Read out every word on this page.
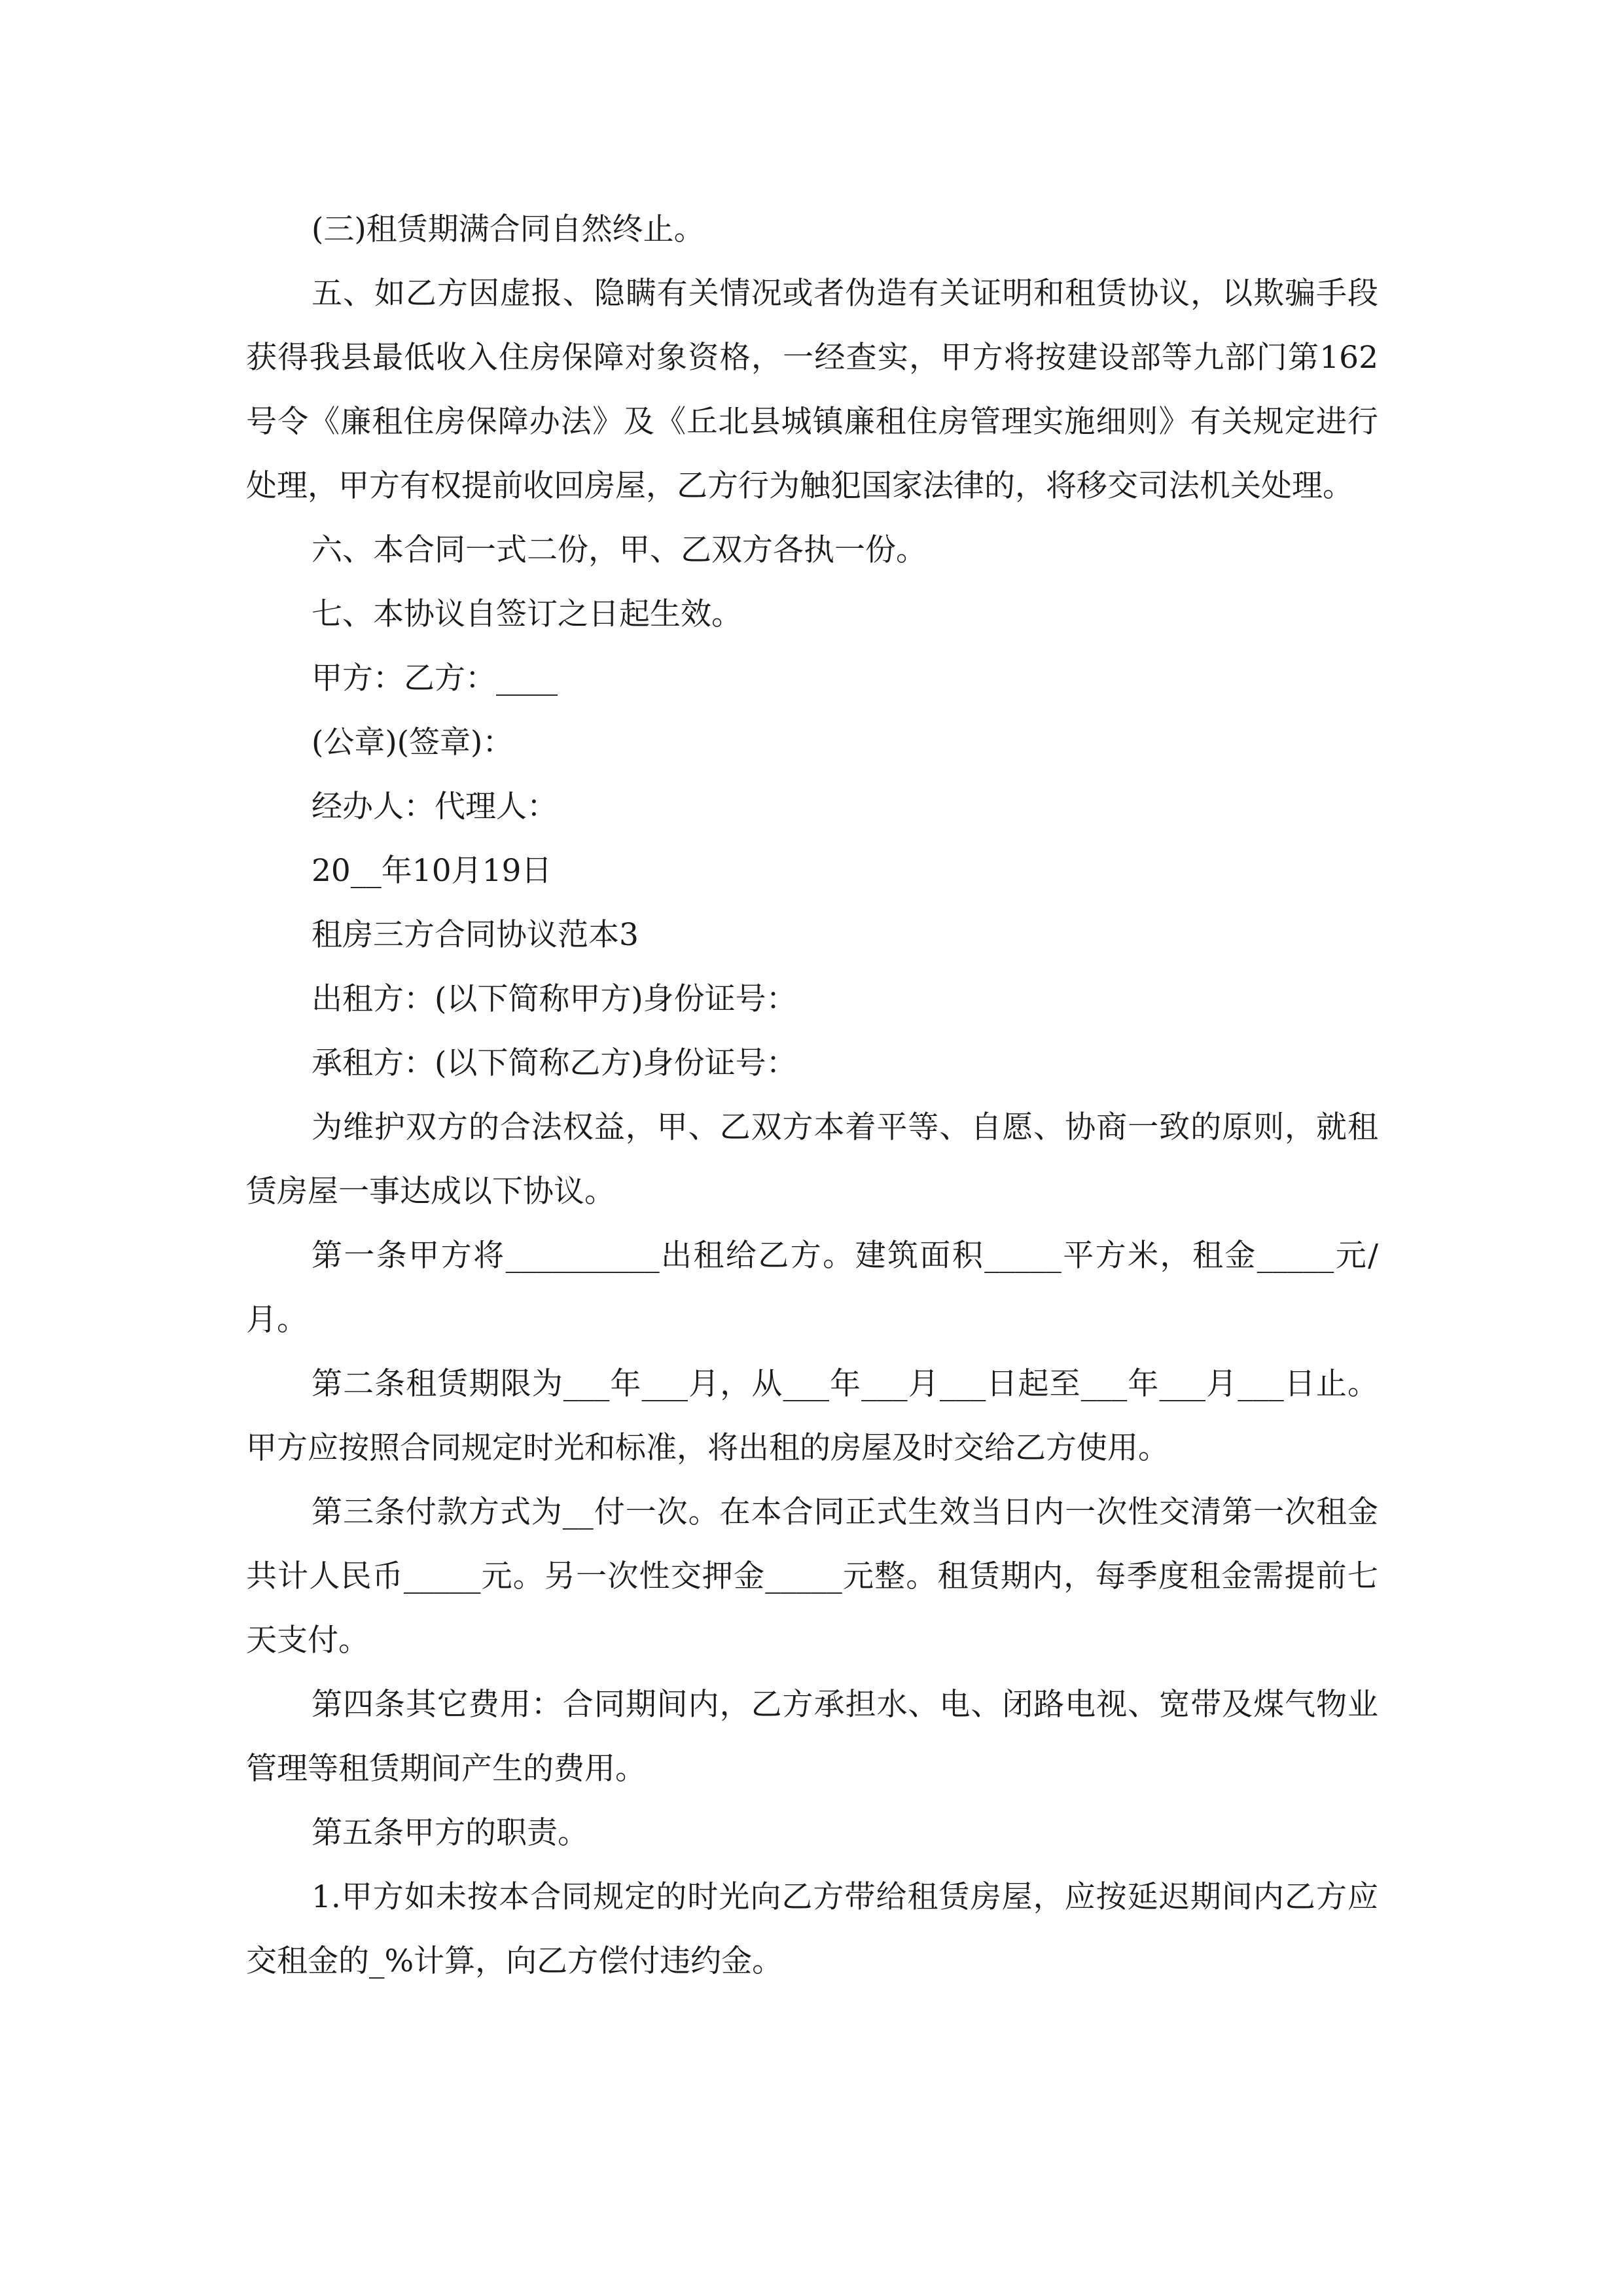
(三)租赁期满合同自然终止。

五、如乙方因虚报、隐瞒有关情况或者伪造有关证明和租赁协议，以欺骗手段获得我县最低收入住房保障对象资格，一经查实，甲方将按建设部等九部门第162号令《廉租住房保障办法》及《丘北县城镇廉租住房管理实施细则》有关规定进行处理，甲方有权提前收回房屋，乙方行为触犯国家法律的，将移交司法机关处理。

六、本合同一式二份，甲、乙双方各执一份。

七、本协议自签订之日起生效。

甲方：乙方：____

(公章)(签章)：

经办人：代理人：

20__年10月19日

租房三方合同协议范本3

出租方：(以下简称甲方)身份证号：

承租方：(以下简称乙方)身份证号：

为维护双方的合法权益，甲、乙双方本着平等、自愿、协商一致的原则，就租赁房屋一事达成以下协议。

第一条甲方将__________出租给乙方。建筑面积_____平方米，租金_____元/月。

第二条租赁期限为___年___月，从___年___月___日起至___年___月___日止。甲方应按照合同规定时光和标准，将出租的房屋及时交给乙方使用。

第三条付款方式为__付一次。在本合同正式生效当日内一次性交清第一次租金共计人民币_____元。另一次性交押金_____元整。租赁期内，每季度租金需提前七天支付。

第四条其它费用：合同期间内，乙方承担水、电、闭路电视、宽带及煤气物业管理等租赁期间产生的费用。

第五条甲方的职责。

1.甲方如未按本合同规定的时光向乙方带给租赁房屋，应按延迟期间内乙方应交租金的_%计算，向乙方偿付违约金。
